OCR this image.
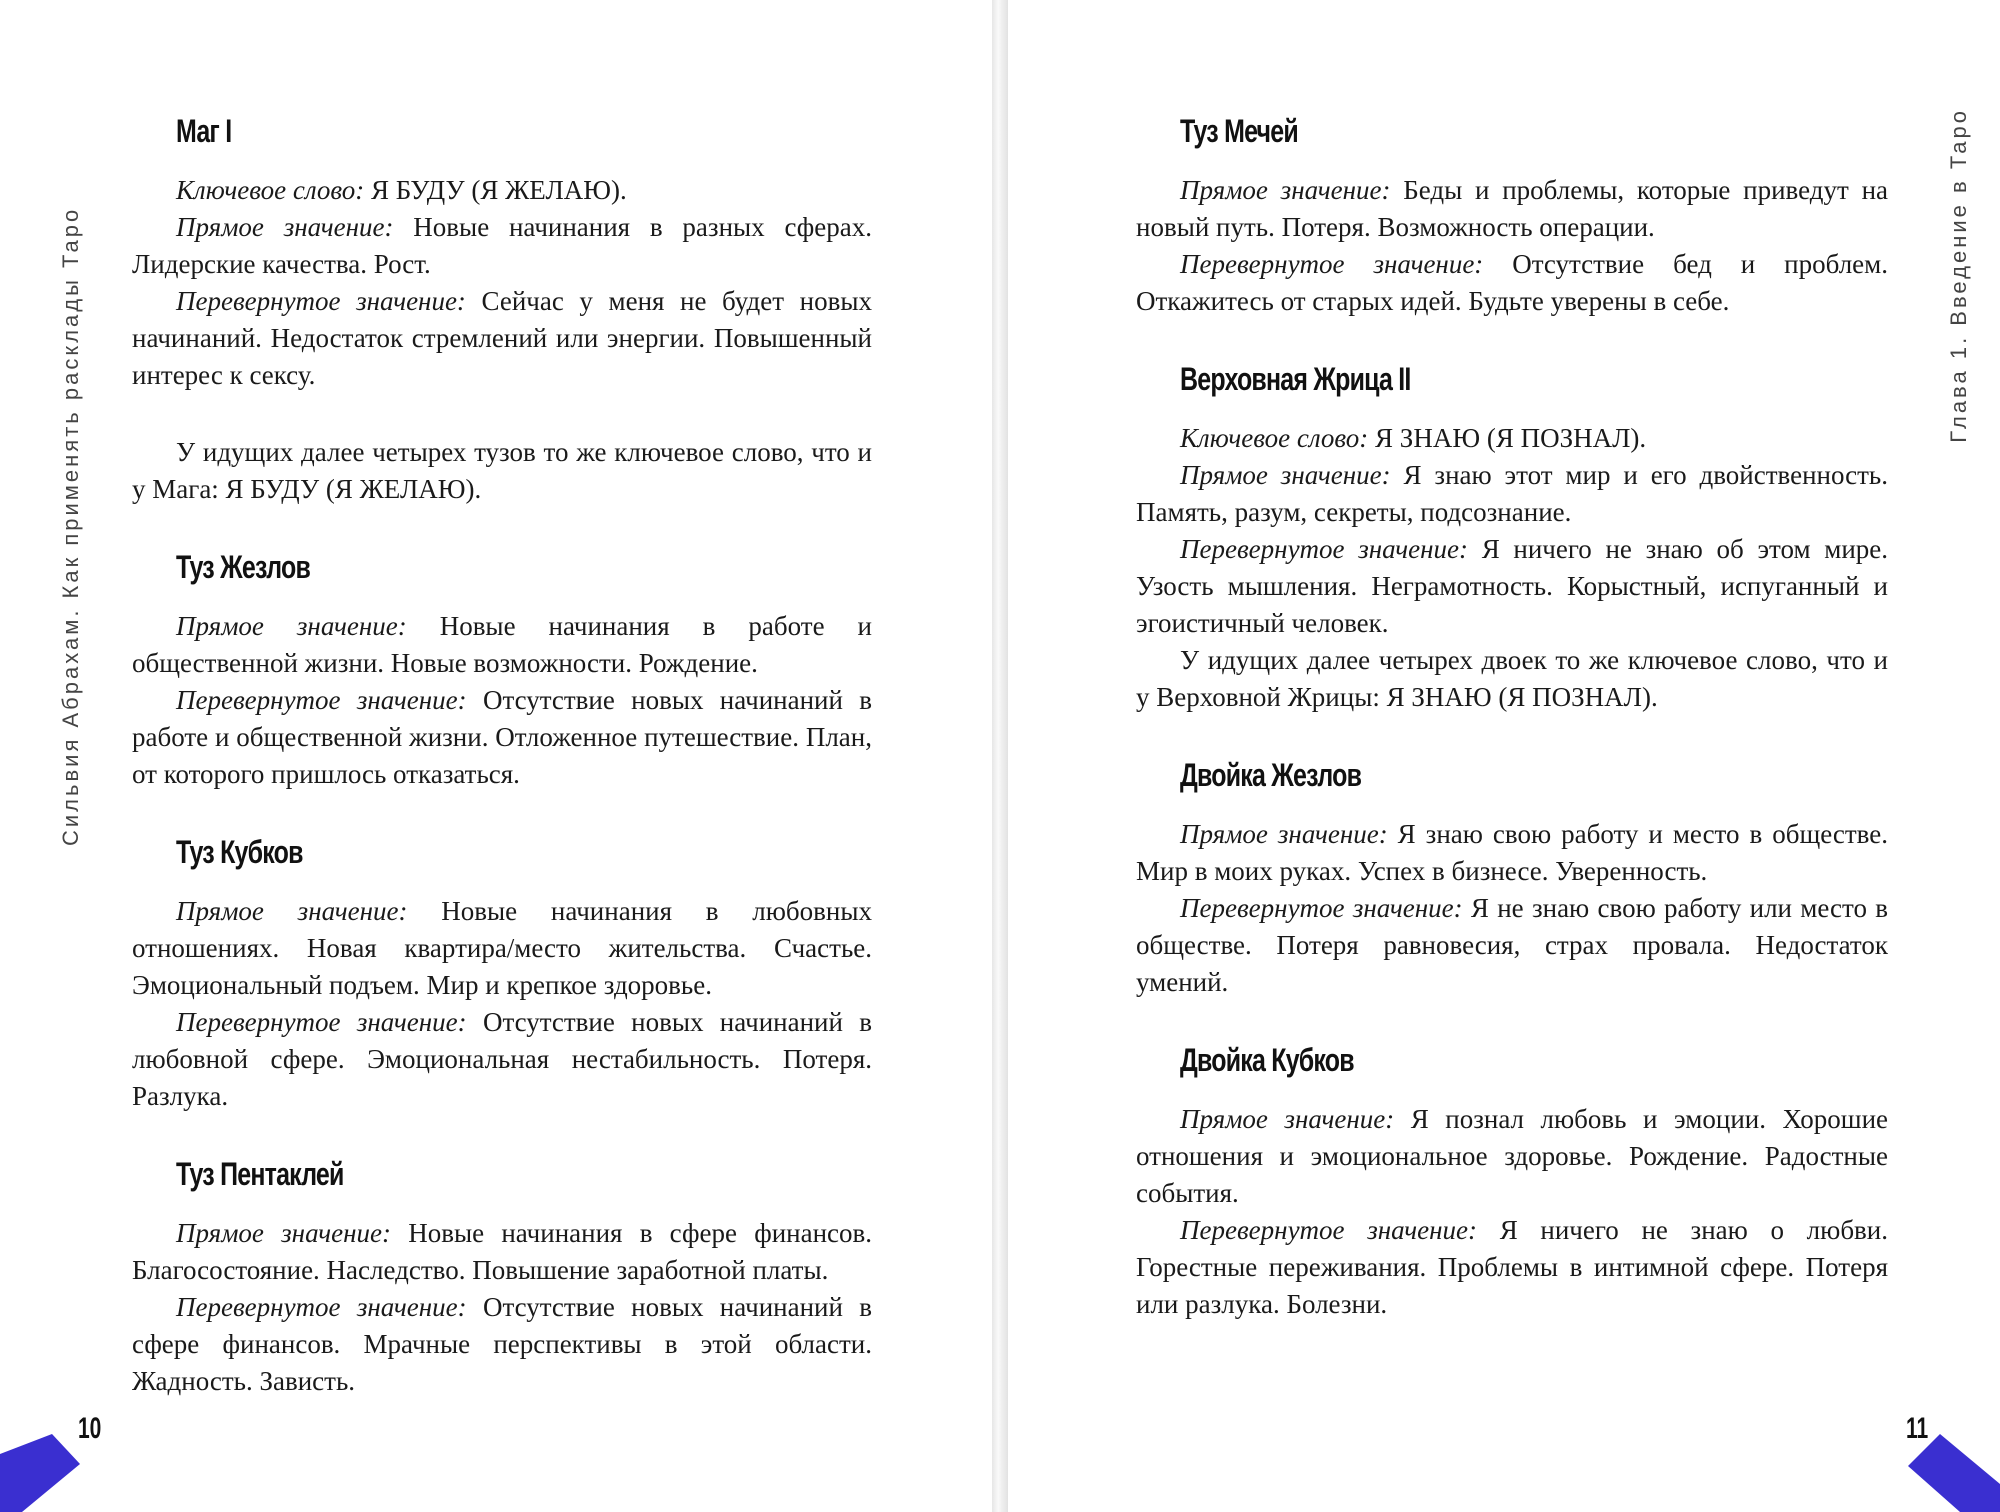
Сильвия Абрахам. Как применять расклады Таро
Маг I

Ключевое слово: Я БУДУ (Я ЖЕЛАЮ).

Прямое значение: Новые начинания в разных сферах. Лидерские качества. Рост.

Перевернутое значение: Сейчас у меня не будет новых начинаний. Недостаток стремлений или энергии. Повышенный интерес к сексу.

У идущих далее четырех тузов то же ключевое слово, что и у Мага: Я БУДУ (Я ЖЕЛАЮ).

Туз Жезлов

Прямое значение: Новые начинания в работе и общественной жизни. Новые возможности. Рождение.

Перевернутое значение: Отсутствие новых начинаний в работе и общественной жизни. Отложенное путешествие. План, от которого пришлось отказаться.

Туз Кубков

Прямое значение: Новые начинания в любовных отношениях. Новая квартира/место жительства. Счастье. Эмоциональный подъем. Мир и крепкое здоровье.

Перевернутое значение: Отсутствие новых начинаний в любовной сфере. Эмоциональная нестабильность. Потеря. Разлука.

Туз Пентаклей

Прямое значение: Новые начинания в сфере финансов. Благосостояние. Наследство. Повышение заработной платы.

Перевернутое значение: Отсутствие новых начинаний в сфере финансов. Мрачные перспективы в этой области. Жадность. Зависть.

10
Глава 1. Введение в Таро
Туз Мечей

Прямое значение: Беды и проблемы, которые приведут на новый путь. Потеря. Возможность операции.

Перевернутое значение: Отсутствие бед и проблем. Откажитесь от старых идей. Будьте уверены в себе.

Верховная Жрица II

Ключевое слово: Я ЗНАЮ (Я ПОЗНАЛ).

Прямое значение: Я знаю этот мир и его двойственность. Память, разум, секреты, подсознание.

Перевернутое значение: Я ничего не знаю об этом мире. Узость мышления. Неграмотность. Корыстный, испуганный и эгоистичный человек.

У идущих далее четырех двоек то же ключевое слово, что и у Верховной Жрицы: Я ЗНАЮ (Я ПОЗНАЛ).

Двойка Жезлов

Прямое значение: Я знаю свою работу и место в обществе. Мир в моих руках. Успех в бизнесе. Уверенность.

Перевернутое значение: Я не знаю свою работу или место в обществе. Потеря равновесия, страх провала. Недостаток умений.

Двойка Кубков

Прямое значение: Я познал любовь и эмоции. Хорошие отношения и эмоциональное здоровье. Рождение. Радостные события.

Перевернутое значение: Я ничего не знаю о любви. Горестные переживания. Проблемы в интимной сфере. Потеря или разлука. Болезни.

11
